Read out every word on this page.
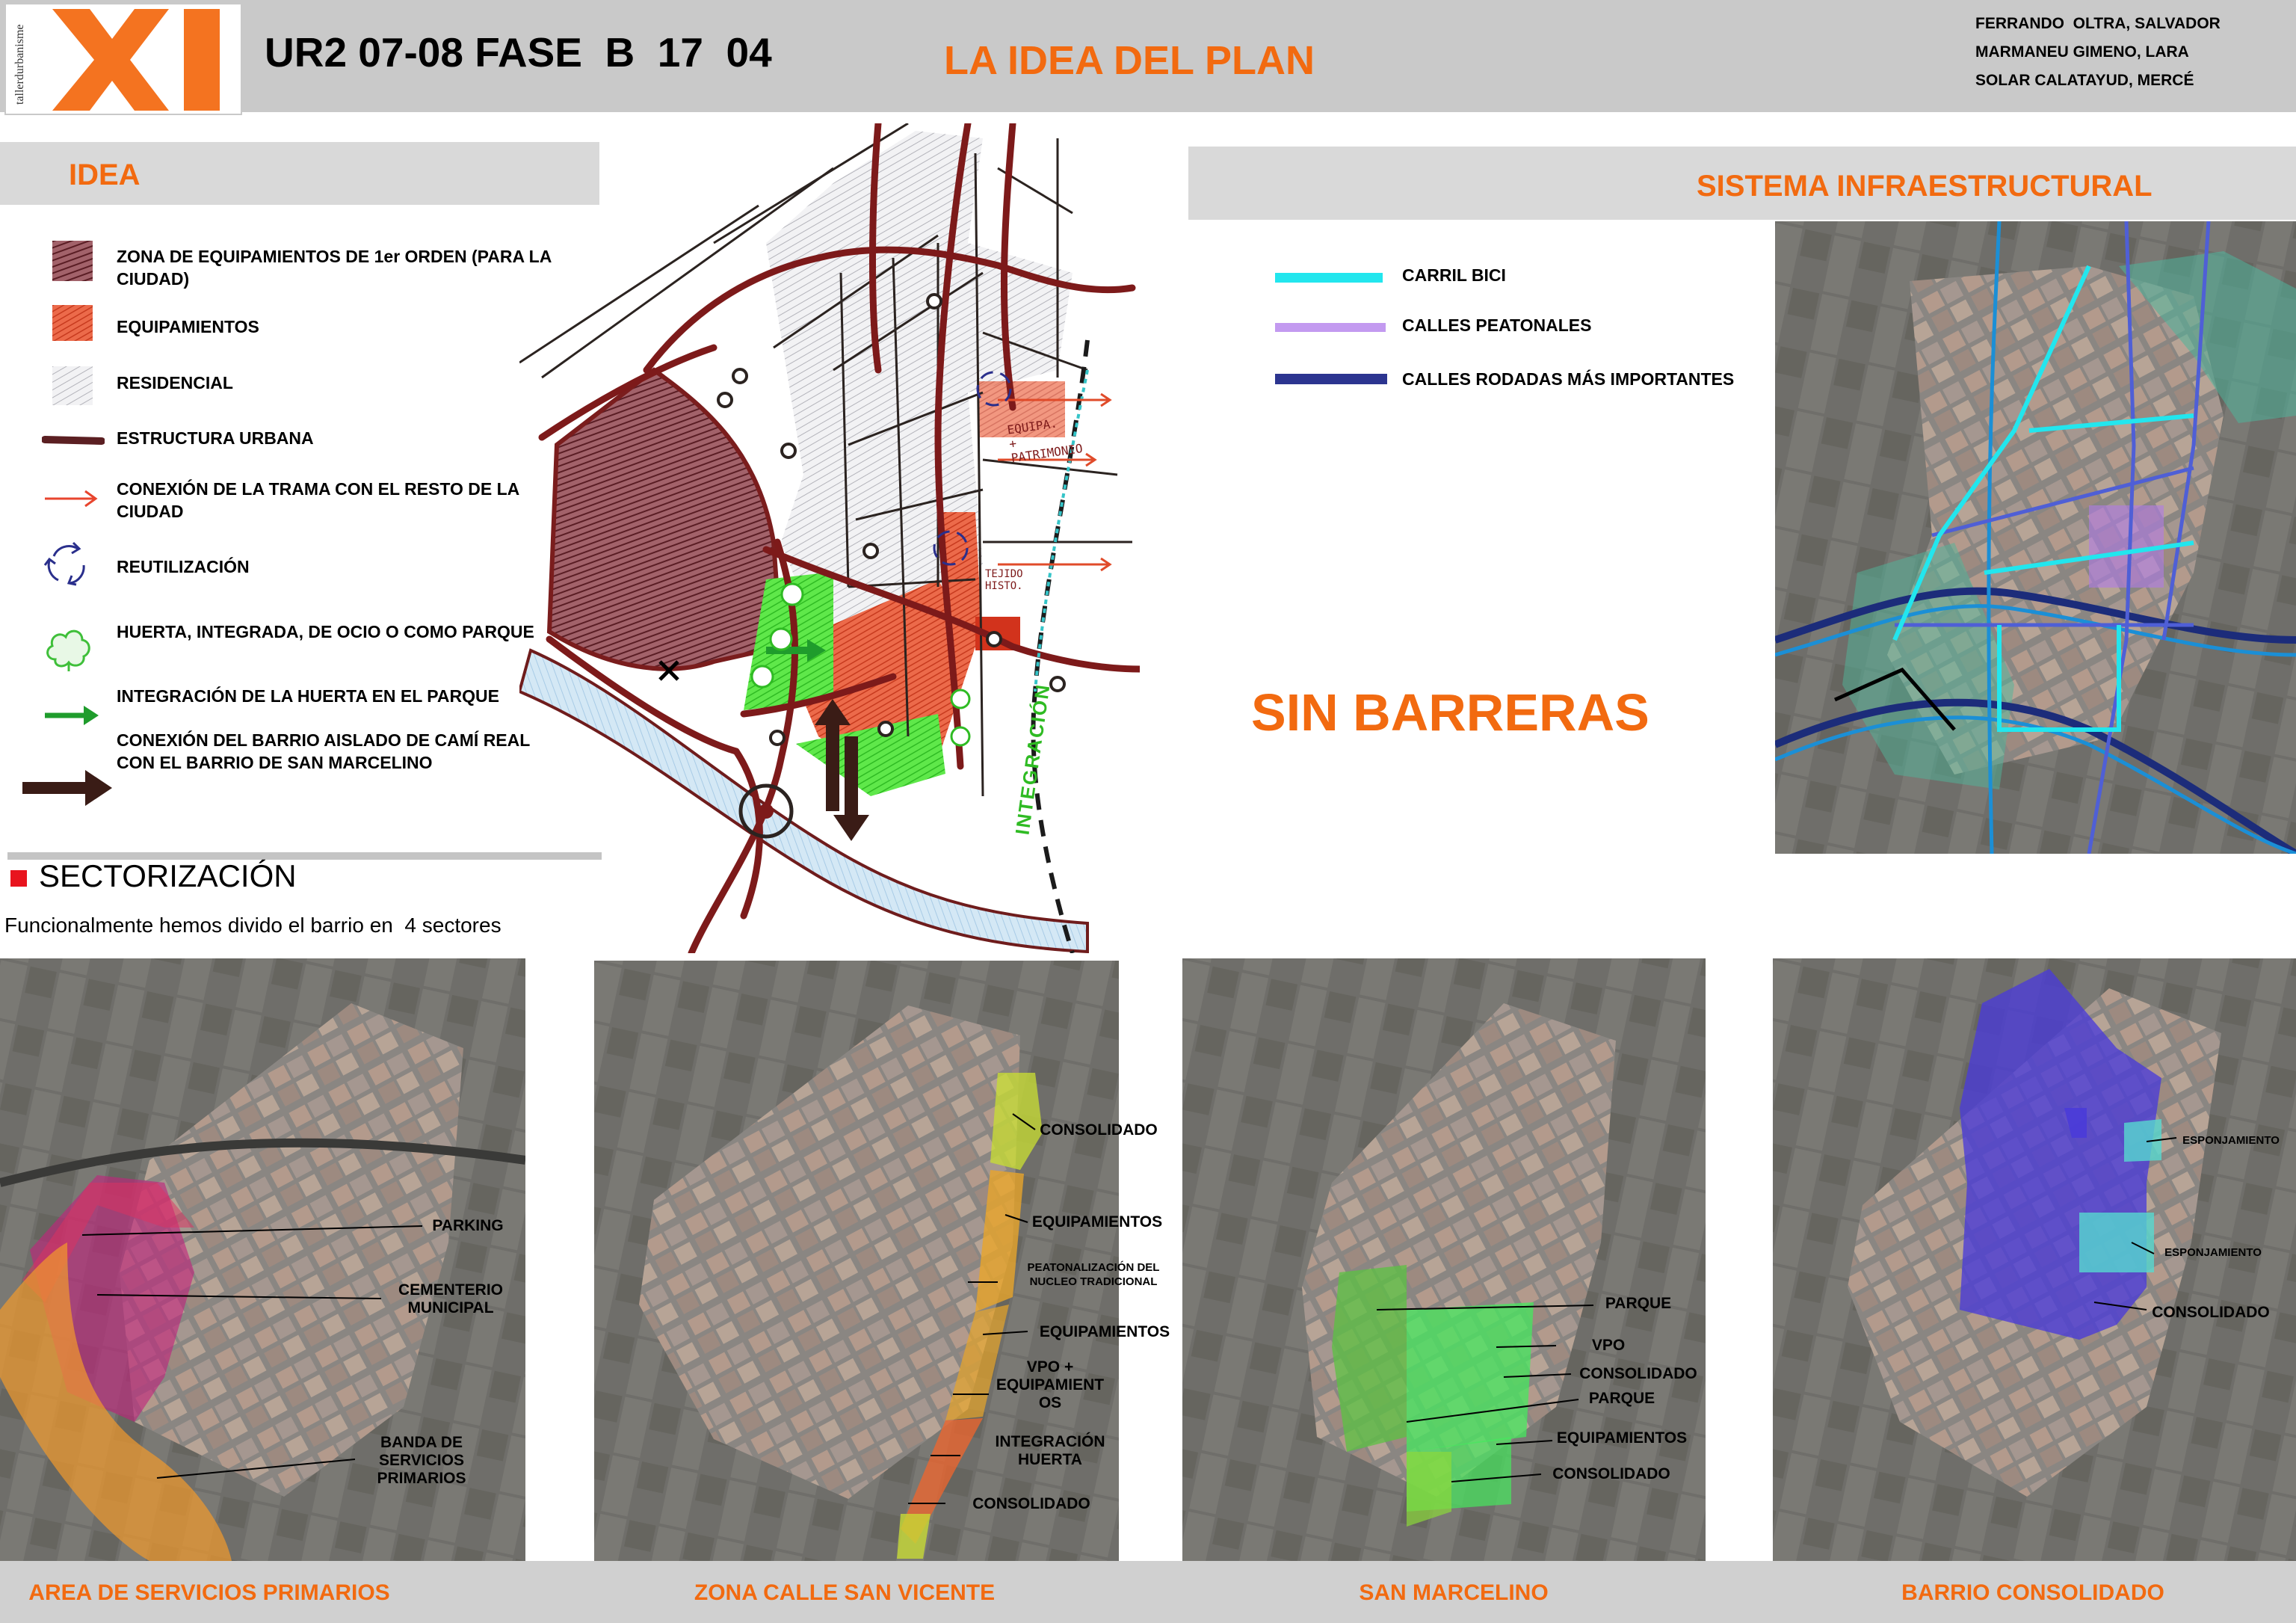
tallerdurbanisme	UR2 07-08 FASE  B  17  04	LA IDEA DEL PLAN
FERRANDO  OLTRA, SALVADOR
MARMANEU GIMENO, LARA
SOLAR CALATAYUD, MERCÉ
IDEA
ZONA DE EQUIPAMIENTOS DE 1er ORDEN (PARA LA CIUDAD)
EQUIPAMIENTOS
RESIDENCIAL
ESTRUCTURA URBANA
CONEXIÓN DE LA TRAMA CON EL RESTO DE LA CIUDAD
REUTILIZACIÓN
HUERTA, INTEGRADA, DE OCIO O COMO PARQUE
INTEGRACIÓN DE LA HUERTA EN EL PARQUE
CONEXIÓN DEL BARRIO AISLADO DE CAMÍ REAL CON EL BARRIO DE SAN MARCELINO
EQUIPA. + PATRIMONIO
TEJIDO HISTO.
INTEGRACIÓN
SISTEMA INFRAESTRUCTURAL
CARRIL BICI
CALLES PEATONALES
CALLES RODADAS MÁS IMPORTANTES
SIN BARRERAS
SECTORIZACIÓN
Funcionalmente hemos divido el barrio en  4 sectores
PARKING
CEMENTERIO MUNICIPAL
BANDA DE SERVICIOS PRIMARIOS
CONSOLIDADO
EQUIPAMIENTOS
PEATONALIZACIÓN DEL NUCLEO TRADICIONAL
EQUIPAMIENTOS
VPO + EQUIPAMIENT OS
INTEGRACIÓN HUERTA
CONSOLIDADO
PARQUE
VPO
CONSOLIDADO
PARQUE
EQUIPAMIENTOS
CONSOLIDADO
ESPONJAMIENTO
ESPONJAMIENTO
CONSOLIDADO
AREA DE SERVICIOS PRIMARIOS	ZONA CALLE SAN VICENTE	SAN MARCELINO	BARRIO CONSOLIDADO
